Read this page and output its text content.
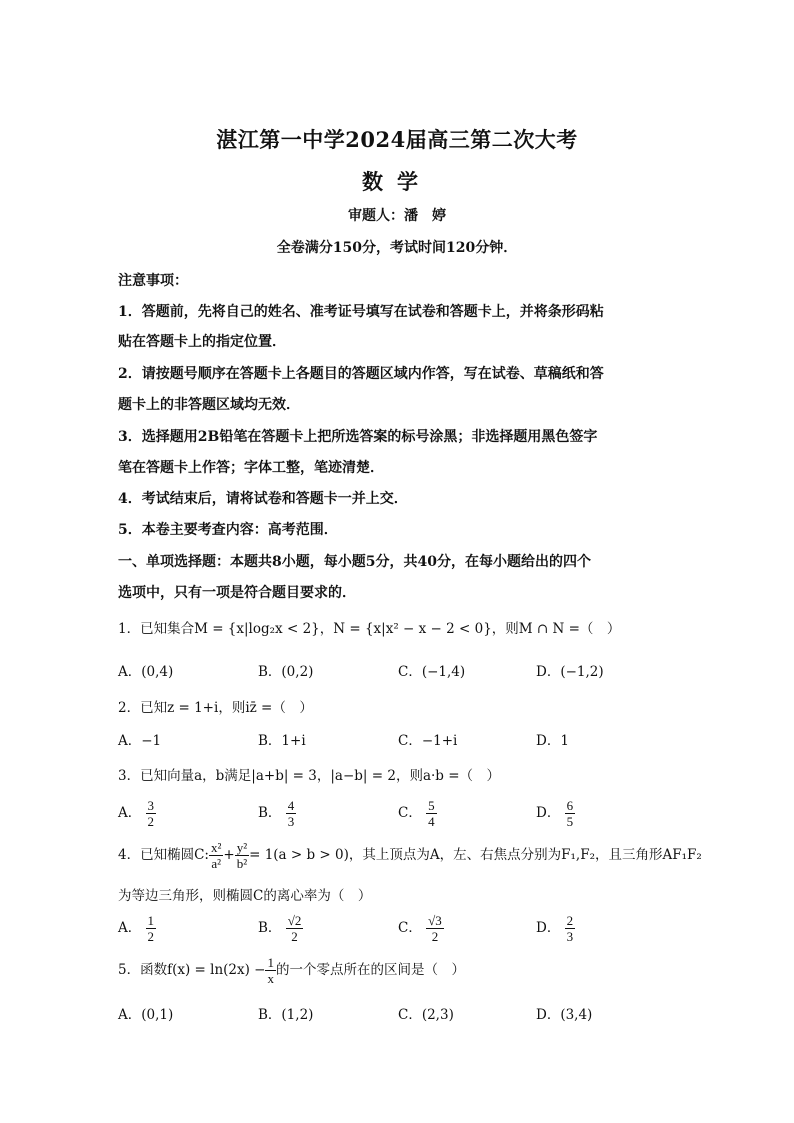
湛江第一中学2024届高三第二次大考
数学
审题人：潘　婷
全卷满分150分，考试时间120分钟．
注意事项：
1．答题前，先将自己的姓名、准考证号填写在试卷和答题卡上，并将条形码粘
贴在答题卡上的指定位置．
2．请按题号顺序在答题卡上各题目的答题区域内作答，写在试卷、草稿纸和答
题卡上的非答题区域均无效．
3．选择题用2B铅笔在答题卡上把所选答案的标号涂黑；非选择题用黑色签字
笔在答题卡上作答；字体工整，笔迹清楚．
4．考试结束后，请将试卷和答题卡一并上交．
5．本卷主要考查内容：高考范围．
一、单项选择题：本题共8小题，每小题5分，共40分，在每小题给出的四个
选项中，只有一项是符合题目要求的．
1．已知集合M = {x|log₂x < 2}，N = {x|x² − x − 2 < 0}，则M ∩ N =（　）
A．(0,4)	B．(0,2)	C．(−1,4)	D．(−1,2)
2．已知z = 1+i，则iz̄ =（　）
A．−1	B．1+i	C．−1+i	D．1
3．已知向量a，b满足|a+b| = 3，|a−b| = 2，则a·b =（　）
A． $\frac{3}{2}$	B． $\frac{4}{3}$	C． $\frac{5}{4}$	D． $\frac{6}{5}$
4．已知椭圆C: $\frac{\text{x²}}{\text{a²}} + \frac{\text{y²}}{\text{b²}} = 1(a > b > 0)$，其上顶点为A，左、右焦点分别为F₁,F₂，且三角形AF₁F₂
为等边三角形，则椭圆C的离心率为（　）
A． $\frac{1}{2}$	B． $\frac{√2}{2}$	C． $\frac{√3}{2}$	D． $\frac{2}{3}$
5．函数$f(x) = \ln(2x) - \frac{1}{x}$ 的一个零点所在的区间是（　）
A．(0,1)	B．(1,2)	C．(2,3)	D．(3,4)
